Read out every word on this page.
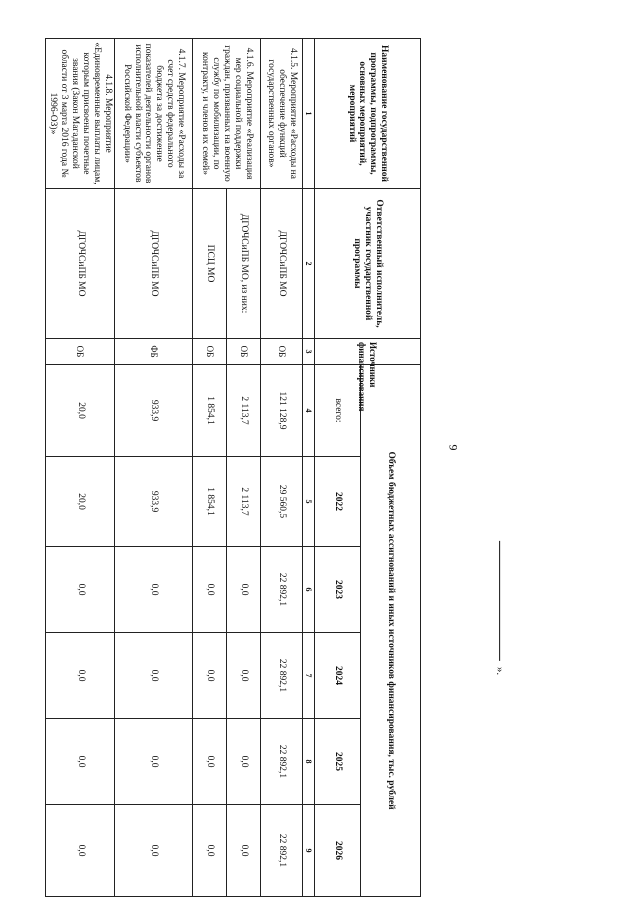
9
Наименование государственной программы, подпрограммы, основных мероприятий, мероприятий	Ответственный исполнитель, участник государственной программы	Источники финансирования	Объем бюджетных ассигнований и иных источников финансирования, тыс. рублей					
			всего:	2022	2023	2024	2025	2026
1	2	3	4	5	6	7	8	9
4.1.5. Мероприятие «Расходы на обеспечение функций государственных органов»	ДГОЧСиПБ МО	ОБ	121 128,9	29 560,5	22 892,1	22 892,1	22 892,1	22 892,1
4.1.6. Мероприятие «Реализация мер социальной поддержки граждан, призванных на военную службу по мобилизации, по контракту, и членов их семей»	ДГОЧСиПБ МО, из них:	ОБ	2 113,7	2 113,7	0,0	0,0	0,0	0,0
	ПСЦ МО	ОБ	1 854,1	1 854,1	0,0	0,0	0,0	0,0
4.1.7. Мероприятие «Расходы за счет средств федерального бюджета за достижение показателей деятельности органов исполнительной власти субъектов Российской Федерации»	ДГОЧСиПБ МО	ФБ	933,9	933,9	0,0	0,0	0,0	0,0
4.1.8. Мероприятие «Единовременные выплаты лицам, которым присвоены почетные звания (Закон Магаданской области от 3 марта 2016 года № 1996-ОЗ)»	ДГОЧСиПБ МО	ОБ	20,0	20,0	0,0	0,0	0,0	0,0
».
